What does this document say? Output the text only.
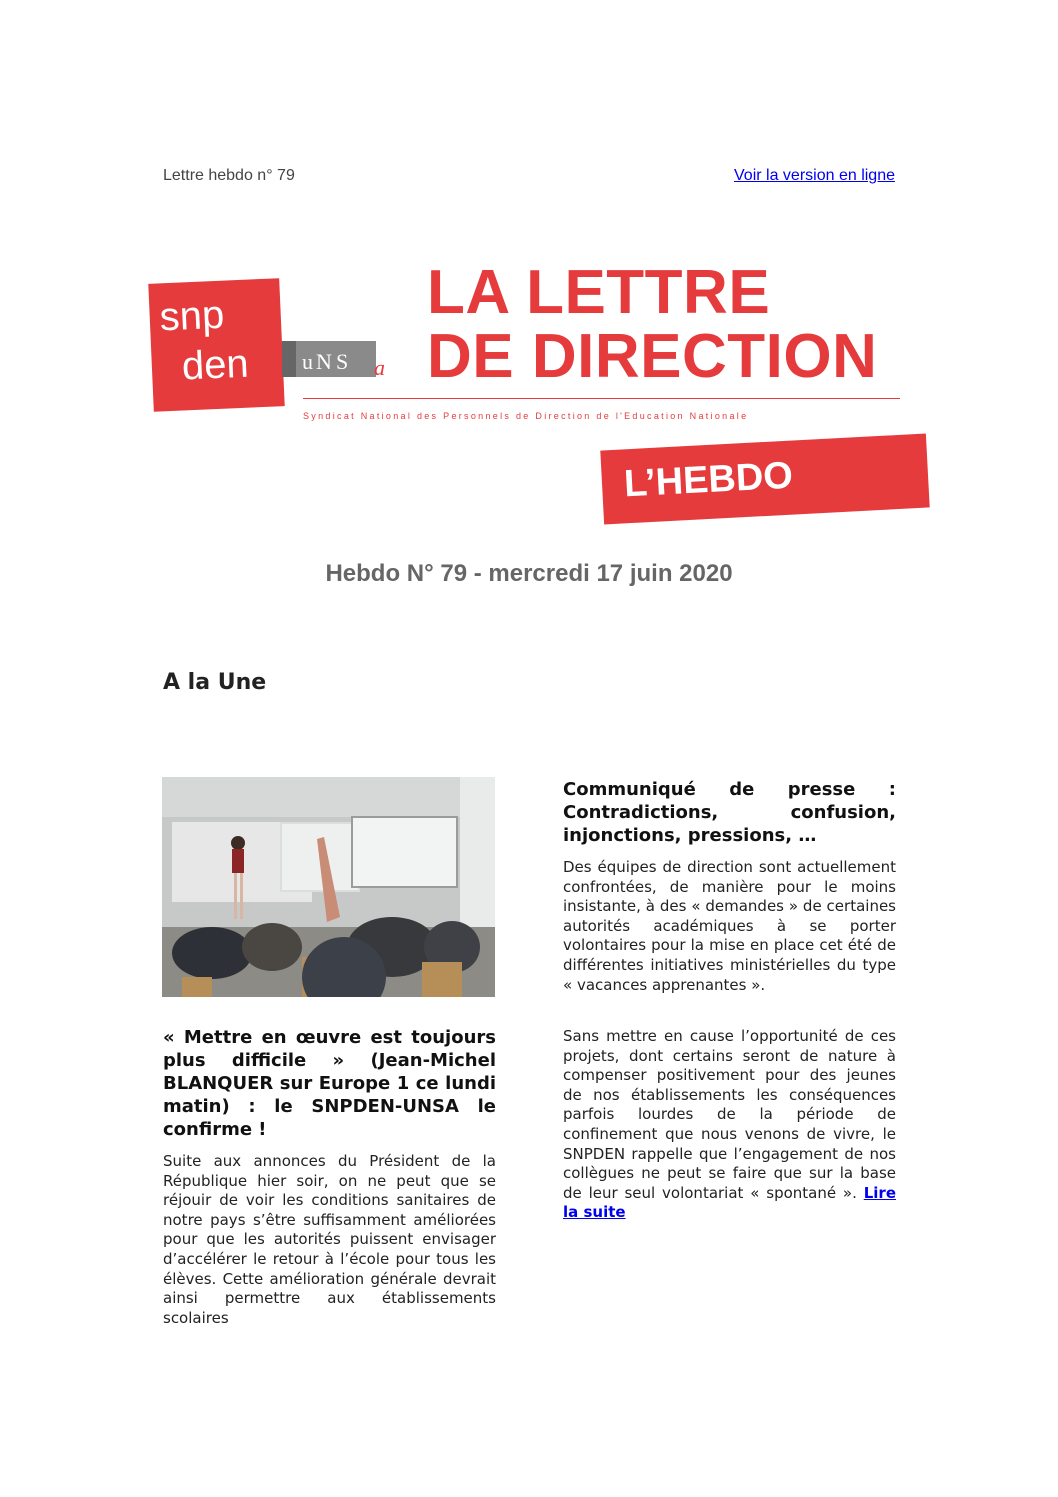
Lettre hebdo n° 79	Voir la version en ligne
snp
den u N S a
LA LETTRE
DE DIRECTION
Syndicat National des Personnels de Direction de l'Education Nationale
L’HEBDO
Hebdo N° 79 - mercredi 17 juin 2020
A la Une

« Mettre en œuvre est toujours plus difficile » (Jean-Michel BLANQUER sur Europe 1 ce lundi matin) : le SNPDEN-UNSA le confirme !

Suite aux annonces du Président de la République hier soir, on ne peut que se réjouir de voir les conditions sanitaires de notre pays s’être suffisamment améliorées pour que les autorités puissent envisager d’accélérer le retour à l’école pour tous les élèves. Cette amélioration générale devrait ainsi permettre aux établissements scolaires

Communiqué de presse : Contradictions, confusion, injonctions, pressions, …

Des équipes de direction sont actuellement confrontées, de manière pour le moins insistante, à des « demandes » de certaines autorités académiques à se porter volontaires pour la mise en place cet été de différentes initiatives ministérielles du type « vacances apprenantes ».

Sans mettre en cause l’opportunité de ces projets, dont certains seront de nature à compenser positivement pour des jeunes de nos établissements les conséquences parfois lourdes de la période de confinement que nous venons de vivre, le SNPDEN rappelle que l’engagement de nos collègues ne peut se faire que sur la base de leur seul volontariat « spontané ». Lire la suite
